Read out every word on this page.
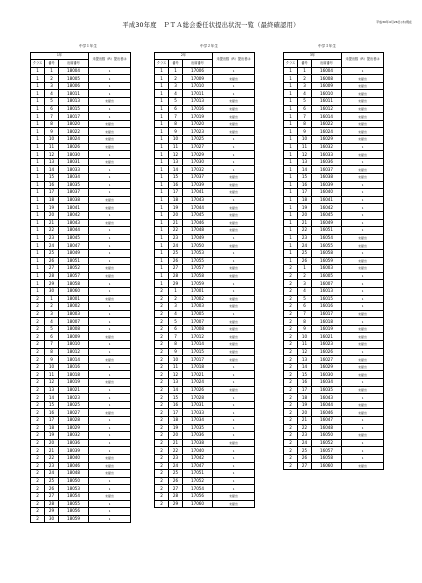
平成30年度　ＰＴＡ総会委任状提出状況一覧（最終確認用）	平成30年4月26日(木)現在
中学１年生	中学２年生	中学３年生
1年			未提出数（R）提出者は
クラス	番号	出席番号	
1	1	18004	1
1	2	18005	1
1	3	18006	1
1	4	18011	1
1	5	18013	未提出
1	6	18015	1
1	7	18017	1
1	8	18020	未提出
1	9	18022	未提出
1	10	18024	未提出
1	11	18026	未提出
1	12	18030	1
1	13	18031	未提出
1	14	18033	1
1	15	18034	1
1	16	18035	1
1	17	18037	1
1	18	18038	未提出
1	19	18041	未提出
1	20	18042	1
1	21	18043	未提出
1	22	18044	1
1	23	18045	1
1	24	18047	1
1	25	18049	1
1	26	18051	1
1	27	18052	未提出
1	28	18057	未提出
1	29	18058	1
1	30	18060	1
2	1	18001	未提出
2	2	18002	1
2	3	18003	1
2	4	18007	1
2	5	18008	1
2	6	18009	未提出
2	7	18010	1
2	8	18012	1
2	9	18014	未提出
2	10	18016	1
2	11	18018	1
2	12	18019	未提出
2	13	18021	1
2	14	18023	1
2	15	18025	1
2	16	18027	未提出
2	17	18028	1
2	18	18029	1
2	19	18032	1
2	20	18036	1
2	21	18039	1
2	22	18040	未提出
2	23	18046	未提出
2	24	18048	未提出
2	25	18050	1
2	26	18053	1
2	27	18054	未提出
2	28	18055	1
2	29	18056	1
2	30	18059	1
2年			未提出数（R）提出者は
クラス	番号	出席番号	
1	1	17006	1
1	2	17009	未提出
1	3	17010	1
1	4	17011	1
1	5	17013	未提出
1	6	17016	未提出
1	7	17019	未提出
1	8	17020	未提出
1	9	17023	未提出
1	10	17025	1
1	11	17027	1
1	12	17029	1
1	13	17030	1
1	14	17032	1
1	15	17037	未提出
1	16	17039	未提出
1	17	17041	未提出
1	18	17043	1
1	19	17044	未提出
1	20	17045	未提出
1	21	17046	未提出
1	22	17048	未提出
1	23	17049	1
1	24	17050	未提出
1	25	17053	1
1	26	17055	1
1	27	17057	未提出
1	28	17058	未提出
1	29	17059	1
2	1	17001	1
2	2	17002	未提出
2	3	17003	未提出
2	4	17005	1
2	5	17007	未提出
2	6	17008	未提出
2	7	17012	未提出
2	8	17014	未提出
2	9	17015	未提出
2	10	17017	未提出
2	11	17018	1
2	12	17021	1
2	13	17024	1
2	14	17026	未提出
2	15	17028	1
2	16	17031	1
2	17	17033	1
2	18	17034	1
2	19	17035	1
2	20	17036	1
2	21	17038	未提出
2	22	17040	1
2	23	17042	1
2	24	17047	1
2	25	17051	1
2	26	17052	1
2	27	17054	1
2	28	17056	未提出
2	29	17060	未提出
3年			未提出数（R）提出者は
クラス	番号	出席番号	
1	1	16004	1
1	2	16008	未提出
1	3	16009	未提出
1	4	16010	未提出
1	5	16011	未提出
1	6	16012	未提出
1	7	16014	未提出
1	8	16022	未提出
1	9	16024	未提出
1	10	16029	未提出
1	11	16032	1
1	12	16033	未提出
1	13	16036	1
1	14	16037	未提出
1	15	16038	未提出
1	16	16039	1
1	17	16040	1
1	18	16041	1
1	19	16042	1
1	20	16045	1
1	21	16049	1
1	22	16051	1
1	23	16054	未提出
1	24	16055	未提出
1	25	16058	1
1	26	16059	未提出
2	1	16003	未提出
2	2	16005	1
2	3	16007	1
2	4	16013	1
2	5	16015	1
2	6	16016	1
2	7	16017	未提出
2	8	16018	1
2	9	16019	未提出
2	10	16021	未提出
2	11	16023	未提出
2	12	16026	1
2	13	16027	未提出
2	14	16029	未提出
2	15	16030	未提出
2	16	16034	1
2	17	16035	未提出
2	18	16043	1
2	19	16044	未提出
2	20	16046	未提出
2	21	16047	1
2	22	16048	1
2	23	16050	未提出
2	24	16052	1
2	25	16057	1
2	26	16058	1
2	27	16060	未提出
